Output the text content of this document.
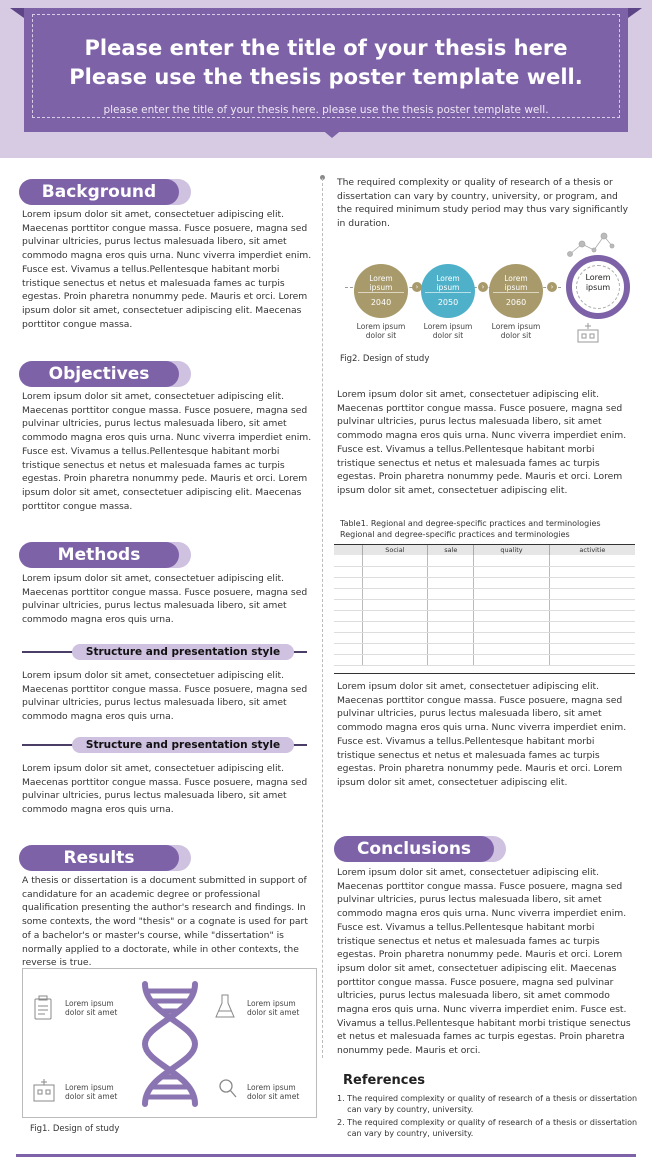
Please enter the title of your thesis here
Please use the thesis poster template well.
please enter the title of your thesis here. please use the thesis poster template well.
Background
Lorem ipsum dolor sit amet, consectetuer adipiscing elit. Maecenas porttitor congue massa. Fusce posuere, magna sed pulvinar ultricies, purus lectus malesuada libero, sit amet commodo magna eros quis urna. Nunc viverra imperdiet enim. Fusce est. Vivamus a tellus.Pellentesque habitant morbi tristique senectus et netus et malesuada fames ac turpis egestas. Proin pharetra nonummy pede. Mauris et orci. Lorem ipsum dolor sit amet, consectetuer adipiscing elit. Maecenas porttitor congue massa.
Objectives
Lorem ipsum dolor sit amet, consectetuer adipiscing elit. Maecenas porttitor congue massa. Fusce posuere, magna sed pulvinar ultricies, purus lectus malesuada libero, sit amet commodo magna eros quis urna. Nunc viverra imperdiet enim. Fusce est. Vivamus a tellus.Pellentesque habitant morbi tristique senectus et netus et malesuada fames ac turpis egestas. Proin pharetra nonummy pede. Mauris et orci. Lorem ipsum dolor sit amet, consectetuer adipiscing elit. Maecenas porttitor congue massa.
Methods
Lorem ipsum dolor sit amet, consectetuer adipiscing elit. Maecenas porttitor congue massa. Fusce posuere, magna sed pulvinar ultricies, purus lectus malesuada libero, sit amet commodo magna eros quis urna.
Structure and presentation style
Lorem ipsum dolor sit amet, consectetuer adipiscing elit. Maecenas porttitor congue massa. Fusce posuere, magna sed pulvinar ultricies, purus lectus malesuada libero, sit amet commodo magna eros quis urna.
Structure and presentation style
Lorem ipsum dolor sit amet, consectetuer adipiscing elit. Maecenas porttitor congue massa. Fusce posuere, magna sed pulvinar ultricies, purus lectus malesuada libero, sit amet commodo magna eros quis urna.
Results
A thesis or dissertation is a document submitted in support of candidature for an academic degree or professional qualification presenting the author's research and findings. In some contexts, the word "thesis" or a cognate is used for part of a bachelor's or master's course, while "dissertation" is normally applied to a doctorate, while in other contexts, the reverse is true.
Lorem ipsum
dolor sit amet
Lorem ipsum
dolor sit amet
Lorem ipsum
dolor sit amet
Lorem ipsum
dolor sit amet
Fig1. Design of study
The required complexity or quality of research of a thesis or dissertation can vary by country, university, or program, and the required minimum study period may thus vary significantly in duration.
Lorem
ipsum
2040
›
Lorem
ipsum
2050
›
Lorem
ipsum
2060
›
Lorem
ipsum
Lorem ipsum
dolor sit
Lorem ipsum
dolor sit
Lorem ipsum
dolor sit
Fig2. Design of study
Lorem ipsum dolor sit amet, consectetuer adipiscing elit. Maecenas porttitor congue massa. Fusce posuere, magna sed pulvinar ultricies, purus lectus malesuada libero, sit amet commodo magna eros quis urna. Nunc viverra imperdiet enim. Fusce est. Vivamus a tellus.Pellentesque habitant morbi tristique senectus et netus et malesuada fames ac turpis egestas. Proin pharetra nonummy pede. Mauris et orci. Lorem ipsum dolor sit amet, consectetuer adipiscing elit.
Table1. Regional and degree-specific practices and terminologies
Regional and degree-specific practices and terminologies
	Social	sale	quality	activitie

Lorem ipsum dolor sit amet, consectetuer adipiscing elit. Maecenas porttitor congue massa. Fusce posuere, magna sed pulvinar ultricies, purus lectus malesuada libero, sit amet commodo magna eros quis urna. Nunc viverra imperdiet enim. Fusce est. Vivamus a tellus.Pellentesque habitant morbi tristique senectus et netus et malesuada fames ac turpis egestas. Proin pharetra nonummy pede. Mauris et orci. Lorem ipsum dolor sit amet, consectetuer adipiscing elit.
Conclusions
Lorem ipsum dolor sit amet, consectetuer adipiscing elit. Maecenas porttitor congue massa. Fusce posuere, magna sed pulvinar ultricies, purus lectus malesuada libero, sit amet commodo magna eros quis urna. Nunc viverra imperdiet enim. Fusce est. Vivamus a tellus.Pellentesque habitant morbi tristique senectus et netus et malesuada fames ac turpis egestas. Proin pharetra nonummy pede. Mauris et orci. Lorem ipsum dolor sit amet, consectetuer adipiscing elit. Maecenas porttitor congue massa. Fusce posuere, magna sed pulvinar ultricies, purus lectus malesuada libero, sit amet commodo magna eros quis urna. Nunc viverra imperdiet enim. Fusce est. Vivamus a tellus.Pellentesque habitant morbi tristique senectus et netus et malesuada fames ac turpis egestas. Proin pharetra nonummy pede. Mauris et orci.
References
1. The required complexity or quality of research of a thesis or dissertation
can vary by country, university.
2. The required complexity or quality of research of a thesis or dissertation
can vary by country, university.
